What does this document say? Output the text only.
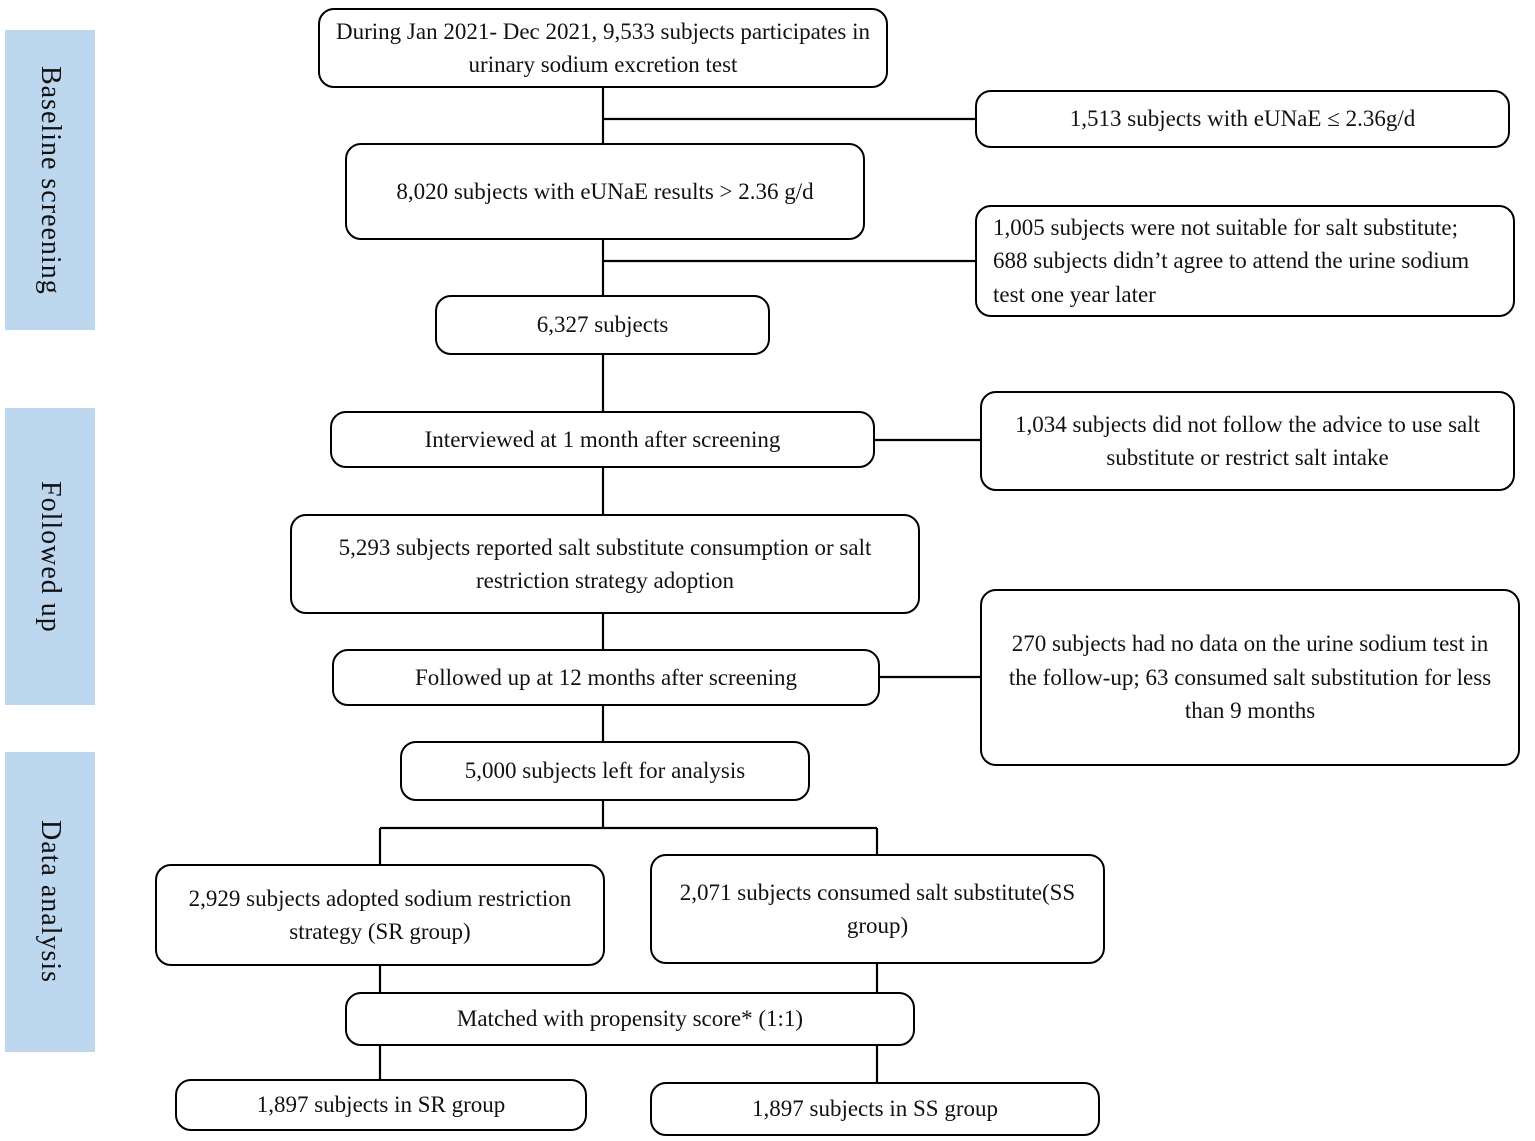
Baseline screening
Followed up
Data analysis
During Jan 2021- Dec 2021, 9,533 subjects participates in urinary sodium excretion test
8,020 subjects with eUNaE results > 2.36 g/d
6,327 subjects
Interviewed at 1 month after screening
5,293 subjects reported salt substitute consumption or salt restriction strategy adoption
Followed up at 12 months after screening
5,000 subjects left for analysis
2,929 subjects adopted sodium restriction strategy (SR group)
2,071 subjects consumed salt substitute(SS group)
Matched with propensity score* (1:1)
1,897 subjects in SR group	1,897 subjects in SS group
1,513 subjects with eUNaE ≤ 2.36g/d
1,005 subjects were not suitable for salt substitute; 688 subjects didn’t agree to attend the urine sodium test one year later
1,034 subjects did not follow the advice to use salt substitute or restrict salt intake
270 subjects had no data on the urine sodium test in the follow-up; 63 consumed salt substitution for less than 9 months
